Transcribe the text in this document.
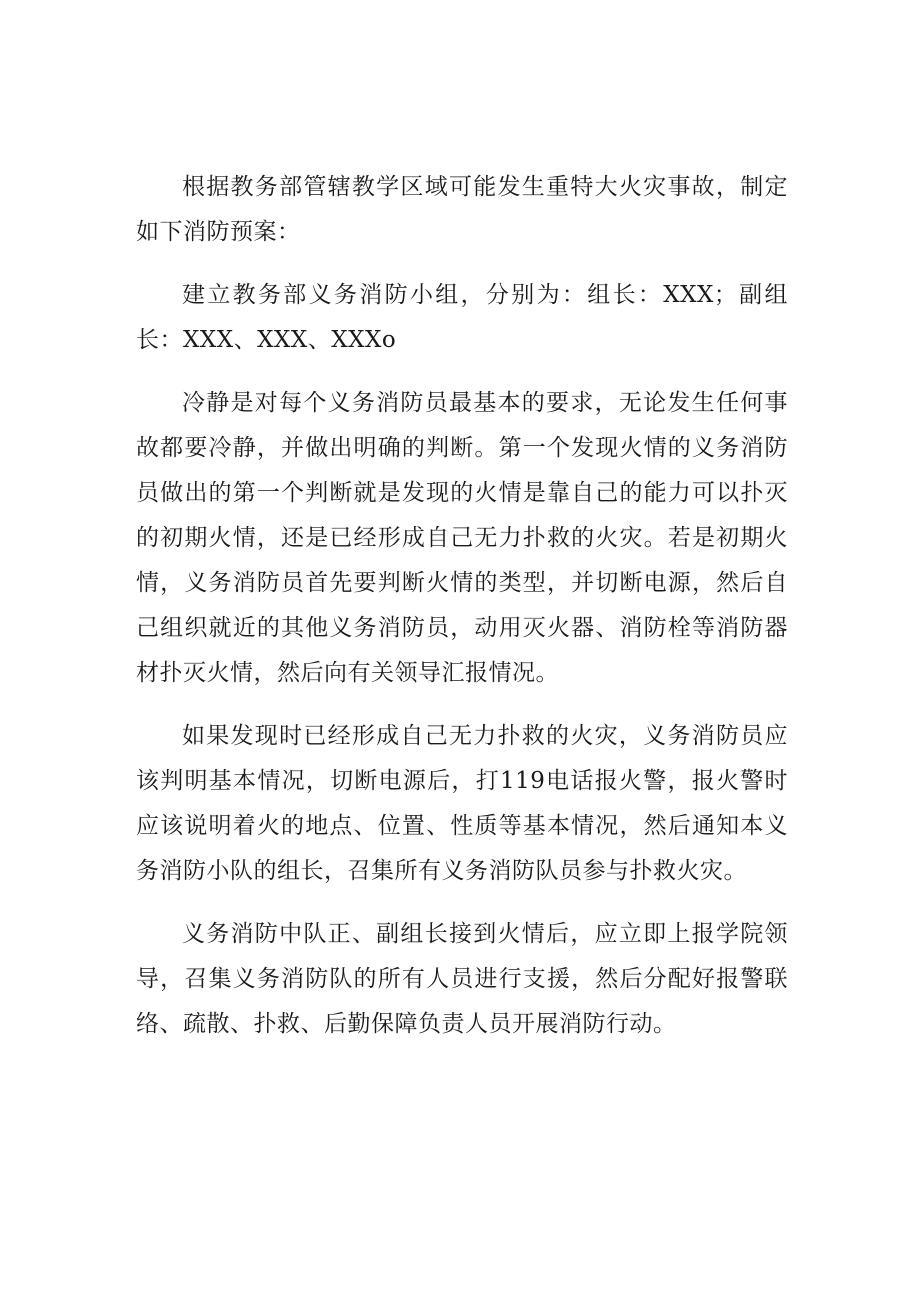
根据教务部管辖教学区域可能发生重特大火灾事故，制定如下消防预案：

建立教务部义务消防小组，分别为：组长：XXX；副组长：XXX、XXX、XXXo

冷静是对每个义务消防员最基本的要求，无论发生任何事故都要冷静，并做出明确的判断。第一个发现火情的义务消防员做出的第一个判断就是发现的火情是靠自己的能力可以扑灭的初期火情，还是已经形成自己无力扑救的火灾。若是初期火情，义务消防员首先要判断火情的类型，并切断电源，然后自己组织就近的其他义务消防员，动用灭火器、消防栓等消防器材扑灭火情，然后向有关领导汇报情况。

如果发现时已经形成自己无力扑救的火灾，义务消防员应该判明基本情况，切断电源后，打119电话报火警，报火警时应该说明着火的地点、位置、性质等基本情况，然后通知本义务消防小队的组长，召集所有义务消防队员参与扑救火灾。

义务消防中队正、副组长接到火情后，应立即上报学院领导，召集义务消防队的所有人员进行支援，然后分配好报警联络、疏散、扑救、后勤保障负责人员开展消防行动。
